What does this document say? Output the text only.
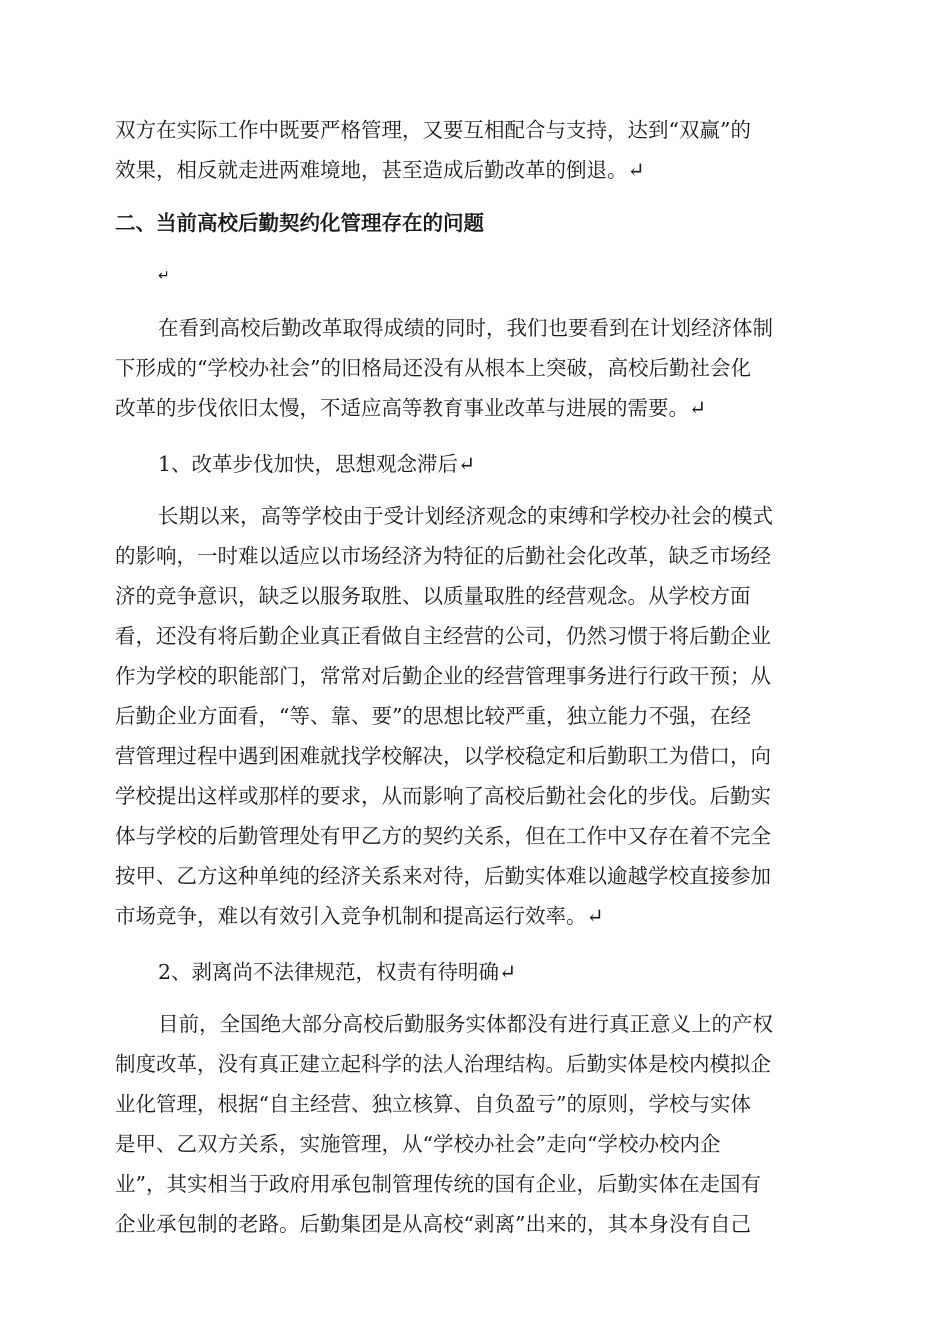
双方在实际工作中既要严格管理，又要互相配合与支持，达到“双赢”的
效果，相反就走进两难境地，甚至造成后勤改革的倒退。↵
二、当前高校后勤契约化管理存在的问题
↵
在看到高校后勤改革取得成绩的同时，我们也要看到在计划经济体制
下形成的“学校办社会”的旧格局还没有从根本上突破，高校后勤社会化
改革的步伐依旧太慢，不适应高等教育事业改革与进展的需要。↵
1、改革步伐加快，思想观念滞后↵
长期以来，高等学校由于受计划经济观念的束缚和学校办社会的模式
的影响，一时难以适应以市场经济为特征的后勤社会化改革，缺乏市场经
济的竞争意识，缺乏以服务取胜、以质量取胜的经营观念。从学校方面
看，还没有将后勤企业真正看做自主经营的公司，仍然习惯于将后勤企业
作为学校的职能部门，常常对后勤企业的经营管理事务进行行政干预；从
后勤企业方面看，“等、靠、要”的思想比较严重，独立能力不强，在经
营管理过程中遇到困难就找学校解决，以学校稳定和后勤职工为借口，向
学校提出这样或那样的要求，从而影响了高校后勤社会化的步伐。后勤实
体与学校的后勤管理处有甲乙方的契约关系，但在工作中又存在着不完全
按甲、乙方这种单纯的经济关系来对待，后勤实体难以逾越学校直接参加
市场竞争，难以有效引入竞争机制和提高运行效率。↵
2、剥离尚不法律规范，权责有待明确↵
目前，全国绝大部分高校后勤服务实体都没有进行真正意义上的产权
制度改革，没有真正建立起科学的法人治理结构。后勤实体是校内模拟企
业化管理，根据“自主经营、独立核算、自负盈亏”的原则，学校与实体
是甲、乙双方关系，实施管理，从“学校办社会”走向“学校办校内企
业”，其实相当于政府用承包制管理传统的国有企业，后勤实体在走国有
企业承包制的老路。后勤集团是从高校“剥离”出来的，其本身没有自己
